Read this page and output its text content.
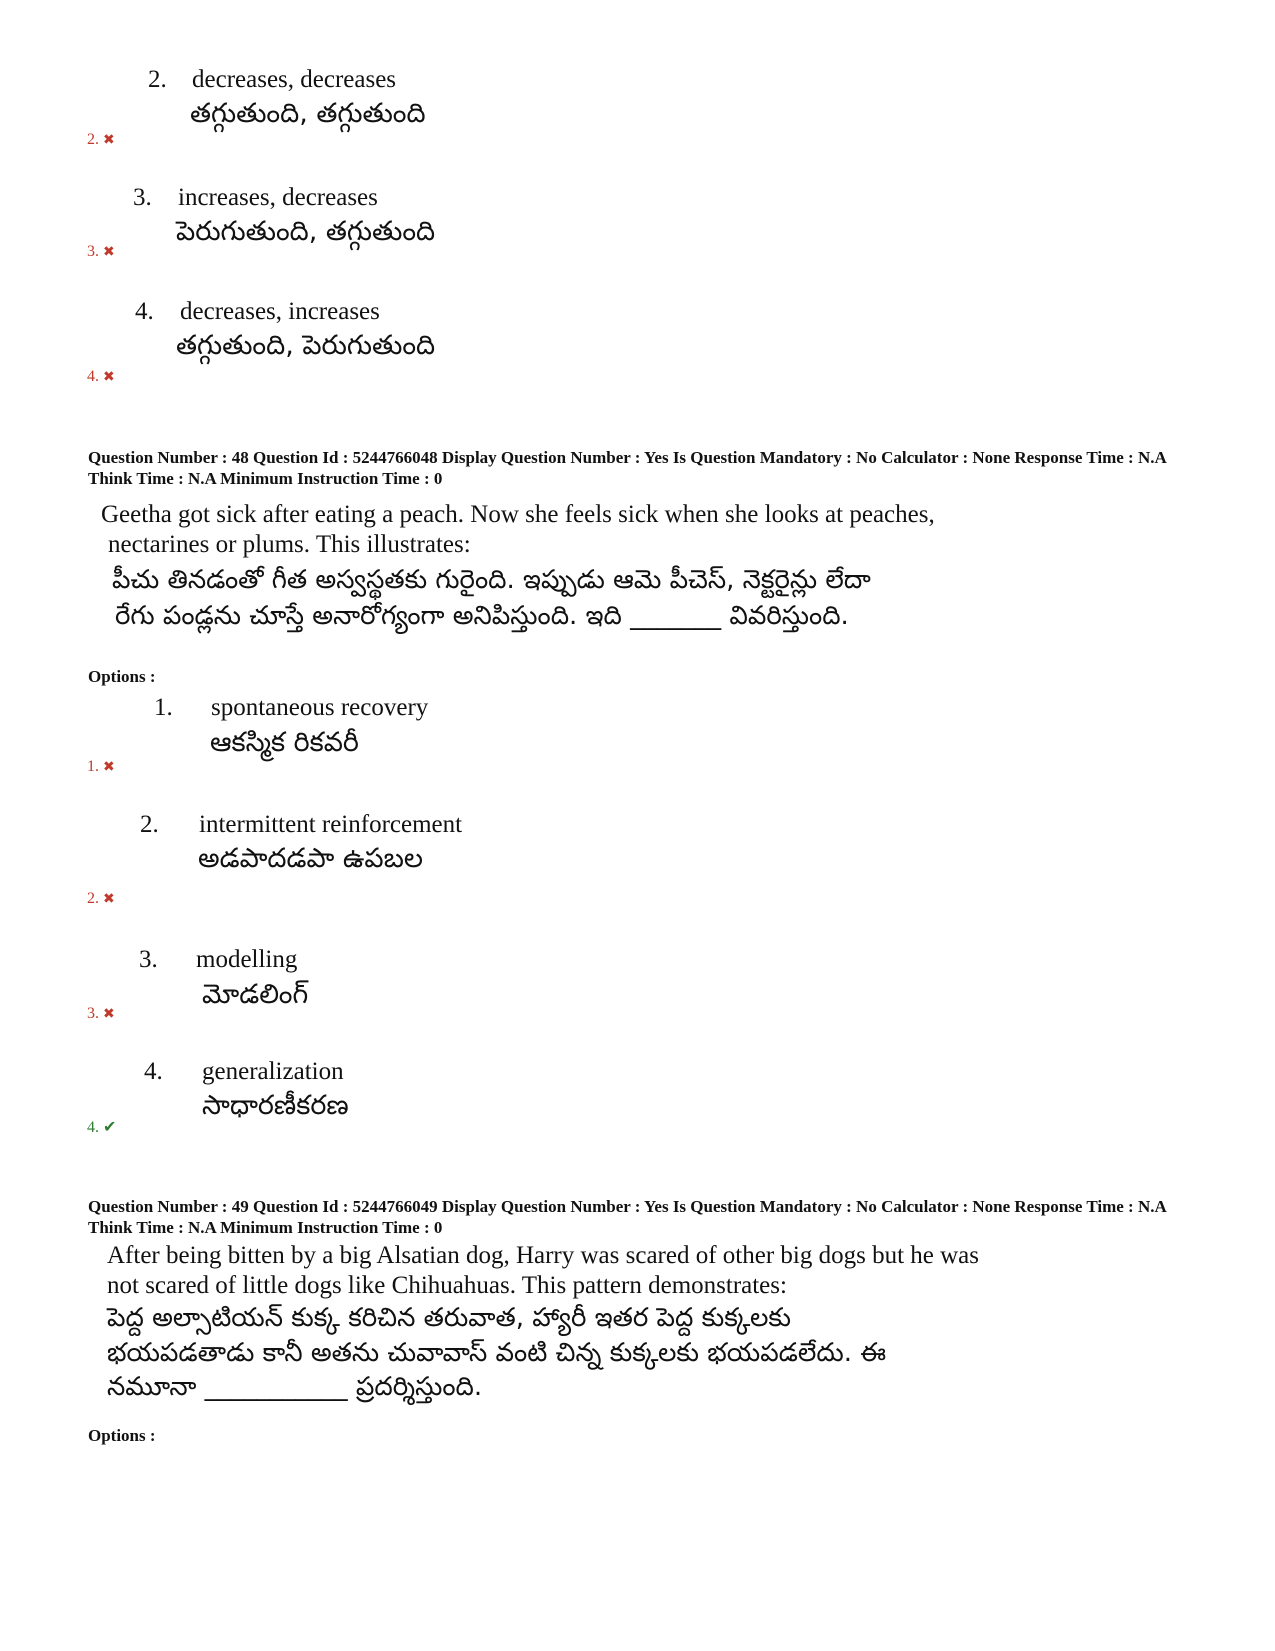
2. decreases, decreases
తగ్గుతుంది, తగ్గుతుంది
2. ✖
3. increases, decreases
పెరుగుతుంది, తగ్గుతుంది
3. ✖
4. decreases, increases
తగ్గుతుంది, పెరుగుతుంది
4. ✖
Question Number : 48 Question Id : 5244766048 Display Question Number : Yes Is Question Mandatory : No Calculator : None Response Time : N.A Think Time : N.A Minimum Instruction Time : 0
Geetha got sick after eating a peach. Now she feels sick when she looks at peaches,
nectarines or plums. This illustrates:
పీచు తినడంతో గీత అస్వస్థతకు గురైంది. ఇప్పుడు ఆమె పీచెస్, నెక్టరైన్లు లేదా
రేగు పండ్లను చూస్తే అనారోగ్యంగా అనిపిస్తుంది. ఇది _______ వివరిస్తుంది.
Options :
1. spontaneous recovery
ఆకస్మిక రికవరీ
1. ✖
2. intermittent reinforcement
అడపాదడపా ఉపబల
2. ✖
3. modelling
మోడలింగ్
3. ✖
4. generalization
సాధారణీకరణ
4. ✔
Question Number : 49 Question Id : 5244766049 Display Question Number : Yes Is Question Mandatory : No Calculator : None Response Time : N.A Think Time : N.A Minimum Instruction Time : 0
After being bitten by a big Alsatian dog, Harry was scared of other big dogs but he was
not scared of little dogs like Chihuahuas. This pattern demonstrates:
పెద్ద అల్సాటియన్ కుక్క కరిచిన తరువాత, హ్యారీ ఇతర పెద్ద కుక్కలకు
భయపడతాడు కానీ అతను చువావాస్ వంటి చిన్న కుక్కలకు భయపడలేదు. ఈ
నమూనా ___________ ప్రదర్శిస్తుంది.
Options :
